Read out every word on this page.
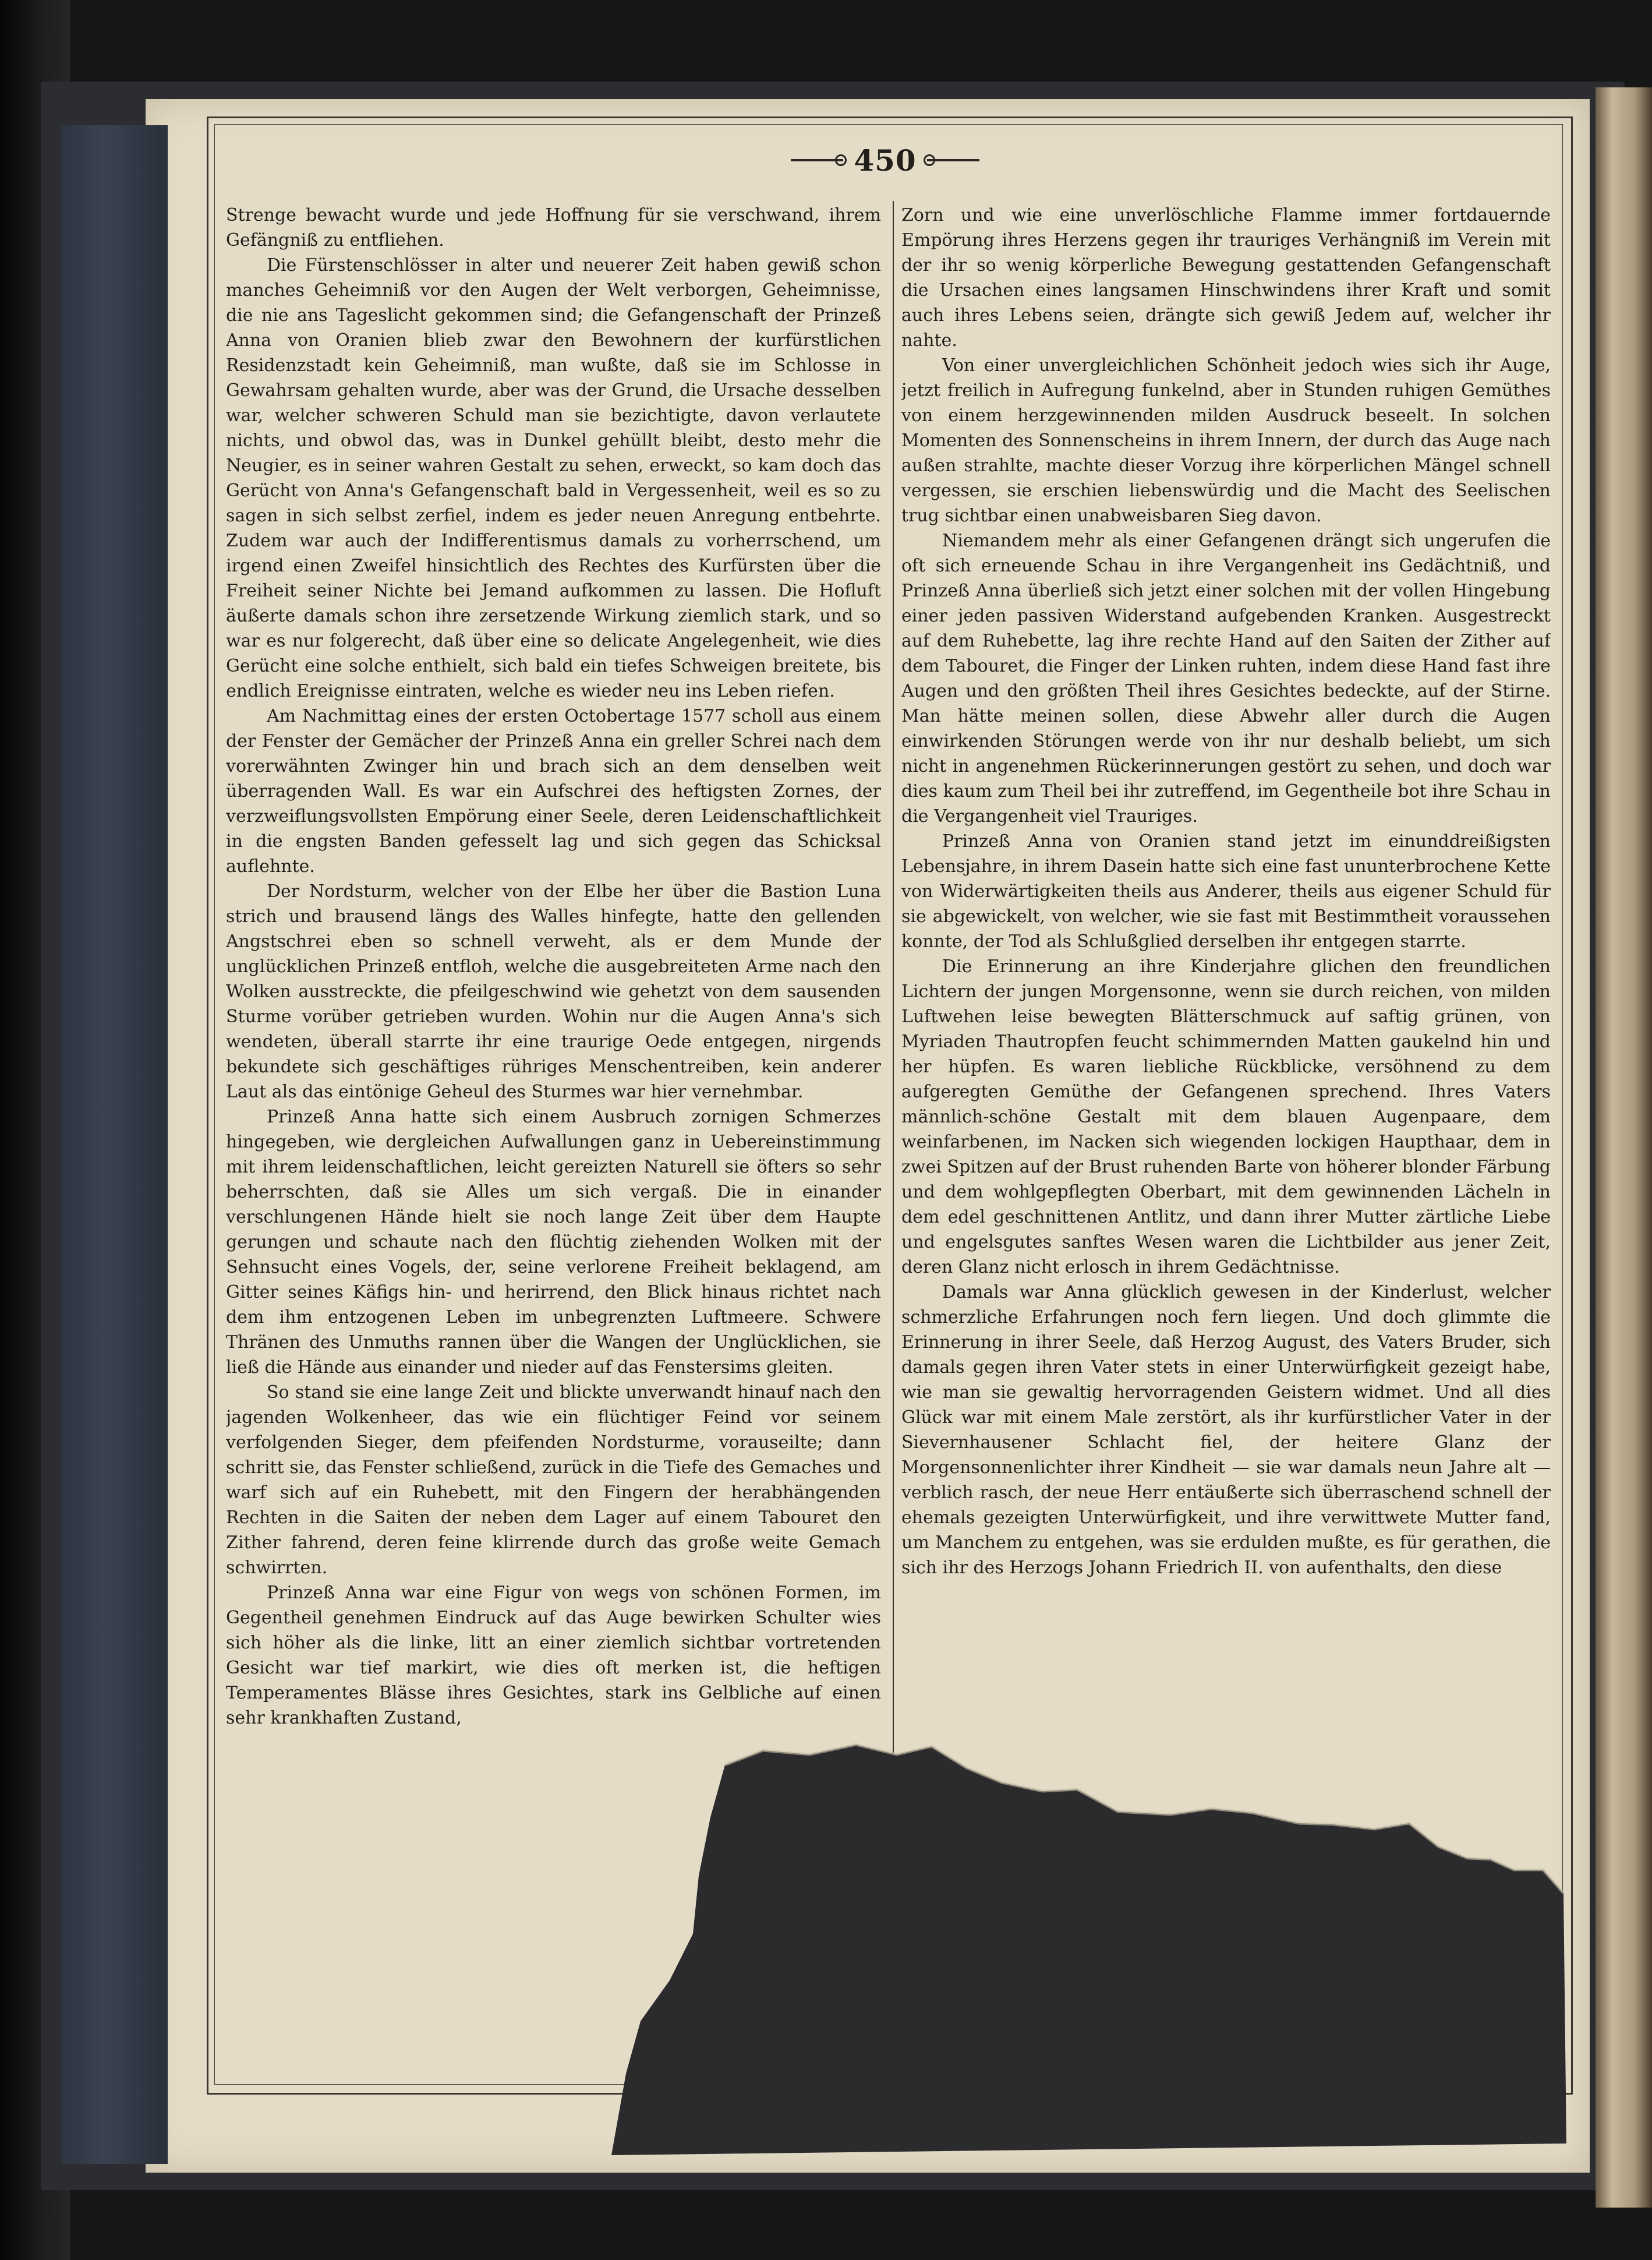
450

Strenge bewacht wurde und jede Hoffnung für sie verschwand, ihrem Gefängniß zu entfliehen.

Die Fürstenschlösser in alter und neuerer Zeit haben gewiß schon manches Geheimniß vor den Augen der Welt verborgen, Geheimnisse, die nie ans Tageslicht gekommen sind; die Gefangenschaft der Prinzeß Anna von Oranien blieb zwar den Bewohnern der kurfürstlichen Residenzstadt kein Geheimniß, man wußte, daß sie im Schlosse in Gewahrsam gehalten wurde, aber was der Grund, die Ursache desselben war, welcher schweren Schuld man sie bezichtigte, davon verlautete nichts, und obwol das, was in Dunkel gehüllt bleibt, desto mehr die Neugier, es in seiner wahren Gestalt zu sehen, erweckt, so kam doch das Gerücht von Anna's Gefangenschaft bald in Vergessenheit, weil es so zu sagen in sich selbst zerfiel, indem es jeder neuen Anregung entbehrte. Zudem war auch der Indifferentismus damals zu vorherrschend, um irgend einen Zweifel hinsichtlich des Rechtes des Kurfürsten über die Freiheit seiner Nichte bei Jemand aufkommen zu lassen. Die Hofluft äußerte damals schon ihre zersetzende Wirkung ziemlich stark, und so war es nur folgerecht, daß über eine so delicate Angelegenheit, wie dies Gerücht eine solche enthielt, sich bald ein tiefes Schweigen breitete, bis endlich Ereignisse eintraten, welche es wieder neu ins Leben riefen.

Am Nachmittag eines der ersten Octobertage 1577 scholl aus einem der Fenster der Gemächer der Prinzeß Anna ein greller Schrei nach dem vorerwähnten Zwinger hin und brach sich an dem denselben weit überragenden Wall. Es war ein Aufschrei des heftigsten Zornes, der verzweiflungsvollsten Empörung einer Seele, deren Leidenschaftlichkeit in die engsten Banden gefesselt lag und sich gegen das Schicksal auflehnte.

Der Nordsturm, welcher von der Elbe her über die Bastion Luna strich und brausend längs des Walles hinfegte, hatte den gellenden Angstschrei eben so schnell verweht, als er dem Munde der unglücklichen Prinzeß entfloh, welche die ausgebreiteten Arme nach den Wolken ausstreckte, die pfeilgeschwind wie gehetzt von dem sausenden Sturme vorüber getrieben wurden. Wohin nur die Augen Anna's sich wendeten, überall starrte ihr eine traurige Oede entgegen, nirgends bekundete sich geschäftiges rühriges Menschentreiben, kein anderer Laut als das eintönige Geheul des Sturmes war hier vernehmbar.

Prinzeß Anna hatte sich einem Ausbruch zornigen Schmerzes hingegeben, wie dergleichen Aufwallungen ganz in Uebereinstimmung mit ihrem leidenschaftlichen, leicht gereizten Naturell sie öfters so sehr beherrschten, daß sie Alles um sich vergaß. Die in einander verschlungenen Hände hielt sie noch lange Zeit über dem Haupte gerungen und schaute nach den flüchtig ziehenden Wolken mit der Sehnsucht eines Vogels, der, seine verlorene Freiheit beklagend, am Gitter seines Käfigs hin- und herirrend, den Blick hinaus richtet nach dem ihm entzogenen Leben im unbegrenzten Luftmeere. Schwere Thränen des Unmuths rannen über die Wangen der Unglücklichen, sie ließ die Hände aus einander und nieder auf das Fenstersims gleiten.

So stand sie eine lange Zeit und blickte unverwandt hinauf nach den jagenden Wolkenheer, das wie ein flüchtiger Feind vor seinem verfolgenden Sieger, dem pfeifenden Nordsturme, vorauseilte; dann schritt sie, das Fenster schließend, zurück in die Tiefe des Gemaches und warf sich auf ein Ruhebett, mit den Fingern der herabhängenden Rechten in die Saiten der neben dem Lager auf einem Tabouret den Zither fahrend, deren feine klirrende durch das große weite Gemach schwirrten.

Prinzeß Anna war eine Figur von wegs von schönen Formen, im Gegentheil genehmen Eindruck auf das Auge bewirken Schulter wies sich höher als die linke, litt an einer ziemlich sichtbar vortretenden Gesicht war tief markirt, wie dies oft merken ist, die heftigen Temperamentes Blässe ihres Gesichtes, stark ins Gelbliche auf einen sehr krankhaften Zustand,

Zorn und wie eine unverlöschliche Flamme immer fortdauernde Empörung ihres Herzens gegen ihr trauriges Verhängniß im Verein mit der ihr so wenig körperliche Bewegung gestattenden Gefangenschaft die Ursachen eines langsamen Hinschwindens ihrer Kraft und somit auch ihres Lebens seien, drängte sich gewiß Jedem auf, welcher ihr nahte.

Von einer unvergleichlichen Schönheit jedoch wies sich ihr Auge, jetzt freilich in Aufregung funkelnd, aber in Stunden ruhigen Gemüthes von einem herzgewinnenden milden Ausdruck beseelt. In solchen Momenten des Sonnenscheins in ihrem Innern, der durch das Auge nach außen strahlte, machte dieser Vorzug ihre körperlichen Mängel schnell vergessen, sie erschien liebenswürdig und die Macht des Seelischen trug sichtbar einen unabweisbaren Sieg davon.

Niemandem mehr als einer Gefangenen drängt sich ungerufen die oft sich erneuende Schau in ihre Vergangenheit ins Gedächtniß, und Prinzeß Anna überließ sich jetzt einer solchen mit der vollen Hingebung einer jeden passiven Widerstand aufgebenden Kranken. Ausgestreckt auf dem Ruhebette, lag ihre rechte Hand auf den Saiten der Zither auf dem Tabouret, die Finger der Linken ruhten, indem diese Hand fast ihre Augen und den größten Theil ihres Gesichtes bedeckte, auf der Stirne. Man hätte meinen sollen, diese Abwehr aller durch die Augen einwirkenden Störungen werde von ihr nur deshalb beliebt, um sich nicht in angenehmen Rückerinnerungen gestört zu sehen, und doch war dies kaum zum Theil bei ihr zutreffend, im Gegentheile bot ihre Schau in die Vergangenheit viel Trauriges.

Prinzeß Anna von Oranien stand jetzt im einunddreißigsten Lebensjahre, in ihrem Dasein hatte sich eine fast ununterbrochene Kette von Widerwärtigkeiten theils aus Anderer, theils aus eigener Schuld für sie abgewickelt, von welcher, wie sie fast mit Bestimmtheit voraussehen konnte, der Tod als Schlußglied derselben ihr entgegen starrte.

Die Erinnerung an ihre Kinderjahre glichen den freundlichen Lichtern der jungen Morgensonne, wenn sie durch reichen, von milden Luftwehen leise bewegten Blätterschmuck auf saftig grünen, von Myriaden Thautropfen feucht schimmernden Matten gaukelnd hin und her hüpfen. Es waren liebliche Rückblicke, versöhnend zu dem aufgeregten Gemüthe der Gefangenen sprechend. Ihres Vaters männlich-schöne Gestalt mit dem blauen Augenpaare, dem weinfarbenen, im Nacken sich wiegenden lockigen Haupthaar, dem in zwei Spitzen auf der Brust ruhenden Barte von höherer blonder Färbung und dem wohlgepflegten Oberbart, mit dem gewinnenden Lächeln in dem edel geschnittenen Antlitz, und dann ihrer Mutter zärtliche Liebe und engelsgutes sanftes Wesen waren die Lichtbilder aus jener Zeit, deren Glanz nicht erlosch in ihrem Gedächtnisse.

Damals war Anna glücklich gewesen in der Kinderlust, welcher schmerzliche Erfahrungen noch fern liegen. Und doch glimmte die Erinnerung in ihrer Seele, daß Herzog August, des Vaters Bruder, sich damals gegen ihren Vater stets in einer Unterwürfigkeit gezeigt habe, wie man sie gewaltig hervorragenden Geistern widmet. Und all dies Glück war mit einem Male zerstört, als ihr kurfürstlicher Vater in der Sievernhausener Schlacht fiel, der heitere Glanz der Morgensonnenlichter ihrer Kindheit — sie war damals neun Jahre alt — verblich rasch, der neue Herr entäußerte sich überraschend schnell der ehemals gezeigten Unterwürfigkeit, und ihre verwittwete Mutter fand, um Manchem zu entgehen, was sie erdulden mußte, es für gerathen, die sich ihr des Herzogs Johann Friedrich II. von aufenthalts, den diese
